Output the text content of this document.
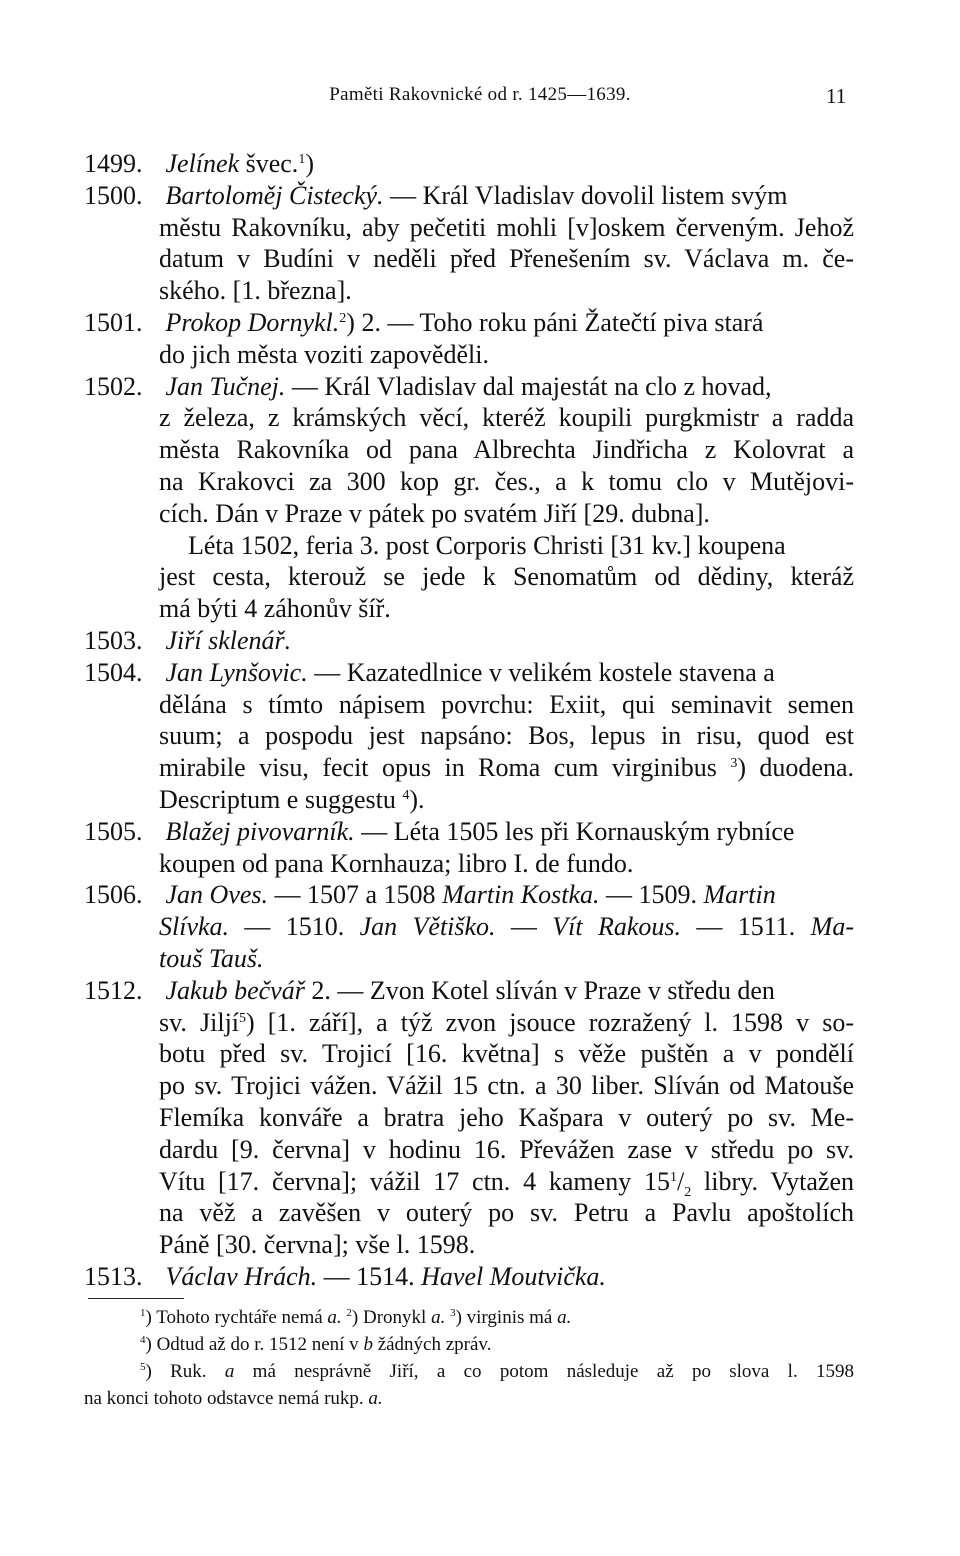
Paměti Rakovnické od r. 1425—1639.	11
1499. Jelínek švec.$^1$)
1500. Bartoloměj Čistecký. — Král Vladislav dovolil listem svým
městu Rakovníku, aby pečetiti mohli [v]oskem červeným. Jehož
datum v Budíni v neděli před Přenešením sv. Václava m. če-
ského. [1. března].
1501. Prokop Dornykl.$^2$) 2. — Toho roku páni Žatečtí piva stará
do jich města voziti zapověděli.
1502. Jan Tučnej. — Král Vladislav dal majestát na clo z hovad,
z železa, z krámských věcí, kteréž koupili purgkmistr a radda
města Rakovníka od pana Albrechta Jindřicha z Kolovrat a
na Krakovci za 300 kop gr. čes., a k tomu clo v Mutějovi-
cích. Dán v Praze v pátek po svatém Jiří [29. dubna].
Léta 1502, feria 3. post Corporis Christi [31 kv.] koupena
jest cesta, kterouž se jede k Senomatům od dědiny, kteráž
má býti 4 záhonův šíř.
1503. Jiří sklenář.
1504. Jan Lynšovic. — Kazatedlnice v velikém kostele stavena a
dělána s tímto nápisem povrchu: Exiit, qui seminavit semen
suum; a pospodu jest napsáno: Bos, lepus in risu, quod est
mirabile visu, fecit opus in Roma cum virginibus $^3$) duodena.
Descriptum e suggestu $^4$).
1505. Blažej pivovarník. — Léta 1505 les při Kornauským rybníce
koupen od pana Kornhauza; libro I. de fundo.
1506. Jan Oves. — 1507 a 1508 Martin Kostka. — 1509. Martin
Slívka. — 1510. Jan Větiško. — Vít Rakous. — 1511. Ma-
touš Tauš.
1512. Jakub bečvář 2. — Zvon Kotel slíván v Praze v středu den
sv. Jiljí$^5$) [1. září], a týž zvon jsouce rozražený l. 1598 v so-
botu před sv. Trojicí [16. května] s věže puštěn a v pondělí
po sv. Trojici vážen. Vážil 15 ctn. a 30 liber. Slíván od Matouše
Flemíka konváře a bratra jeho Kašpara v outerý po sv. Me-
dardu [9. června] v hodinu 16. Převážen zase v středu po sv.
Vítu [17. června]; vážil 17 ctn. 4 kameny $15^1/_2$ libry. Vytažen
na věž a zavěšen v outerý po sv. Petru a Pavlu apoštolích
Páně [30. června]; vše l. 1598.
1513. Václav Hrách. — 1514. Havel Moutvička.
$^1$) Tohoto rychtáře nemá a. $^2$) Dronykl a. $^3$) virginis má a.
$^4$) Odtud až do r. 1512 není v b žádných zpráv.
$^5$) Ruk. a má nesprávně Jiří, a co potom následuje až po slova l. 1598
na konci tohoto odstavce nemá rukp. a.
